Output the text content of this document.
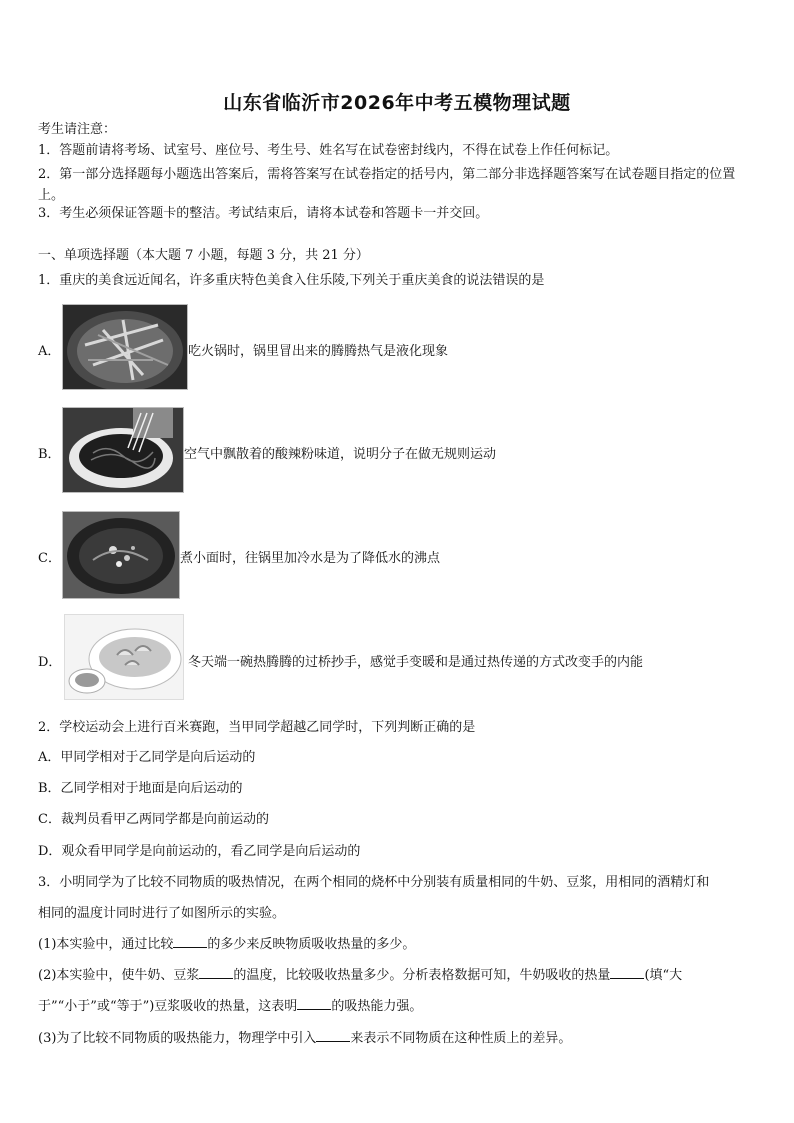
山东省临沂市2026年中考五模物理试题
考生请注意：
1．答题前请将考场、试室号、座位号、考生号、姓名写在试卷密封线内，不得在试卷上作任何标记。
2．第一部分选择题每小题选出答案后，需将答案写在试卷指定的括号内，第二部分非选择题答案写在试卷题目指定的位置上。
3．考生必须保证答题卡的整洁。考试结束后，请将本试卷和答题卡一并交回。
一、单项选择题（本大题 7 小题，每题 3 分，共 21 分）
1．重庆的美食远近闻名，许多重庆特色美食入住乐陵,下列关于重庆美食的说法错误的是
A．	吃火锅时，锅里冒出来的腾腾热气是液化现象
B．	空气中飘散着的酸辣粉味道，说明分子在做无规则运动
C．	煮小面时，往锅里加冷水是为了降低水的沸点
D．	冬天端一碗热腾腾的过桥抄手，感觉手变暖和是通过热传递的方式改变手的内能
2．学校运动会上进行百米赛跑，当甲同学超越乙同学时，下列判断正确的是
A．甲同学相对于乙同学是向后运动的
B．乙同学相对于地面是向后运动的
C．裁判员看甲乙两同学都是向前运动的
D．观众看甲同学是向前运动的，看乙同学是向后运动的
3．小明同学为了比较不同物质的吸热情况，在两个相同的烧杯中分别装有质量相同的牛奶、豆浆，用相同的酒精灯和
相同的温度计同时进行了如图所示的实验。
(1)本实验中，通过比较	的多少来反映物质吸收热量的多少。
(2)本实验中，使牛奶、豆浆	的温度，比较吸收热量多少。分析表格数据可知，牛奶吸收的热量	(填“大
于”“小于”或“等于”)豆浆吸收的热量，这表明	的吸热能力强。
(3)为了比较不同物质的吸热能力，物理学中引入	来表示不同物质在这种性质上的差异。
